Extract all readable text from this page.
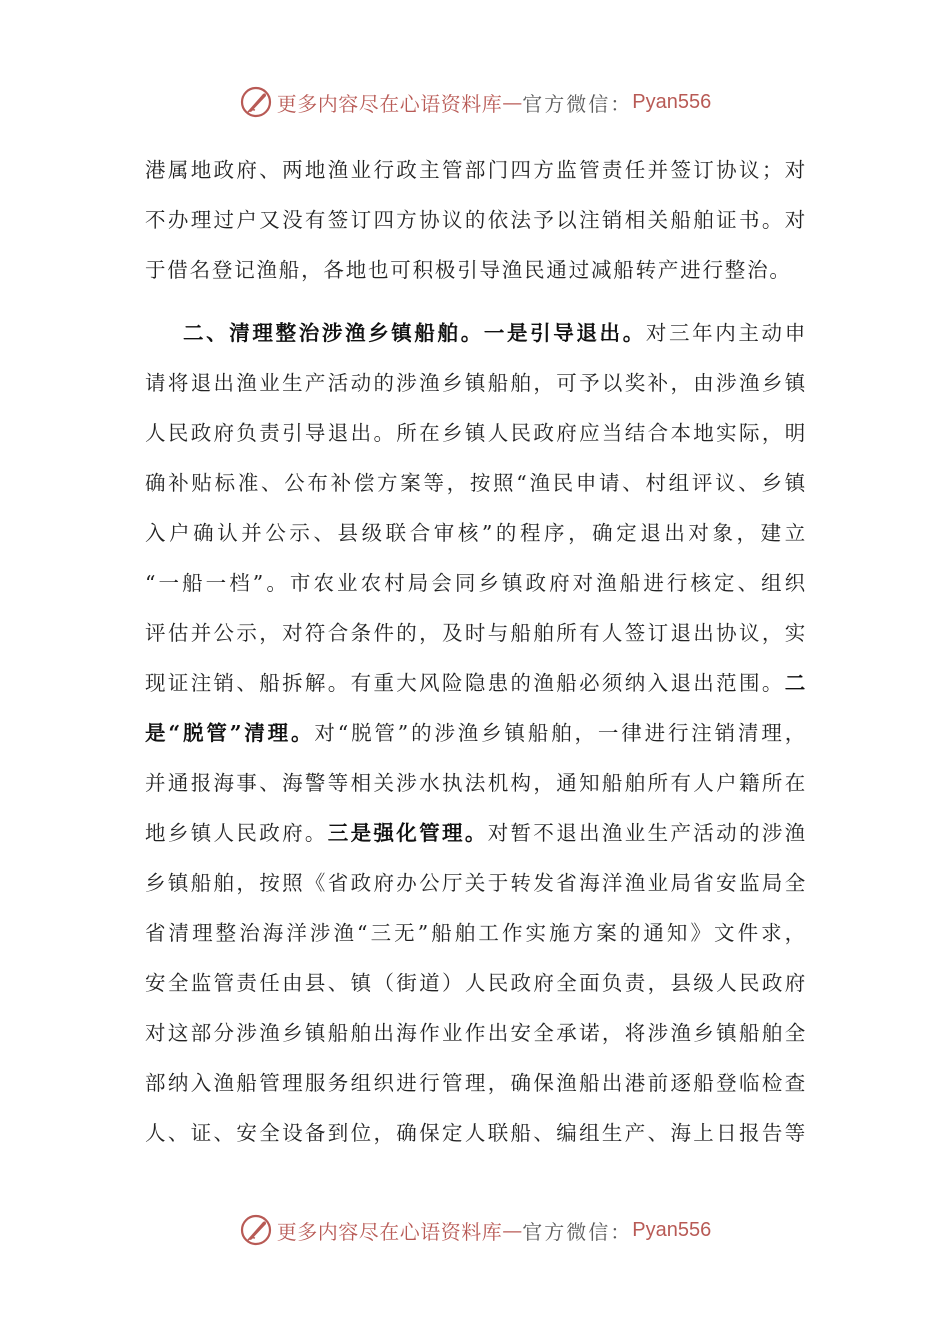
更多内容尽在心语资料库 — 官方微信： Pyan556
港属地政府、两地渔业行政主管部门四方监管责任并签订协议；对
不办理过户又没有签订四方协议的依法予以注销相关船舶证书。对
于借名登记渔船，各地也可积极引导渔民通过减船转产进行整治。
二、清理整治涉渔乡镇船舶。一是引导退出。对三年内主动申
请将退出渔业生产活动的涉渔乡镇船舶，可予以奖补，由涉渔乡镇
人民政府负责引导退出。所在乡镇人民政府应当结合本地实际，明
确补贴标准、公布补偿方案等，按照“渔民申请、村组评议、乡镇
入户确认并公示、县级联合审核”的程序，确定退出对象，建立
“一船一档”。市农业农村局会同乡镇政府对渔船进行核定、组织
评估并公示，对符合条件的，及时与船舶所有人签订退出协议，实
现证注销、船拆解。有重大风险隐患的渔船必须纳入退出范围。二
是“脱管”清理。对“脱管”的涉渔乡镇船舶，一律进行注销清理，
并通报海事、海警等相关涉水执法机构，通知船舶所有人户籍所在
地乡镇人民政府。三是强化管理。对暂不退出渔业生产活动的涉渔
乡镇船舶，按照《省政府办公厅关于转发省海洋渔业局省安监局全
省清理整治海洋涉渔“三无”船舶工作实施方案的通知》文件求，
安全监管责任由县、镇（街道）人民政府全面负责，县级人民政府
对这部分涉渔乡镇船舶出海作业作出安全承诺，将涉渔乡镇船舶全
部纳入渔船管理服务组织进行管理，确保渔船出港前逐船登临检查
人、证、安全设备到位，确保定人联船、编组生产、海上日报告等
更多内容尽在心语资料库 — 官方微信： Pyan556
